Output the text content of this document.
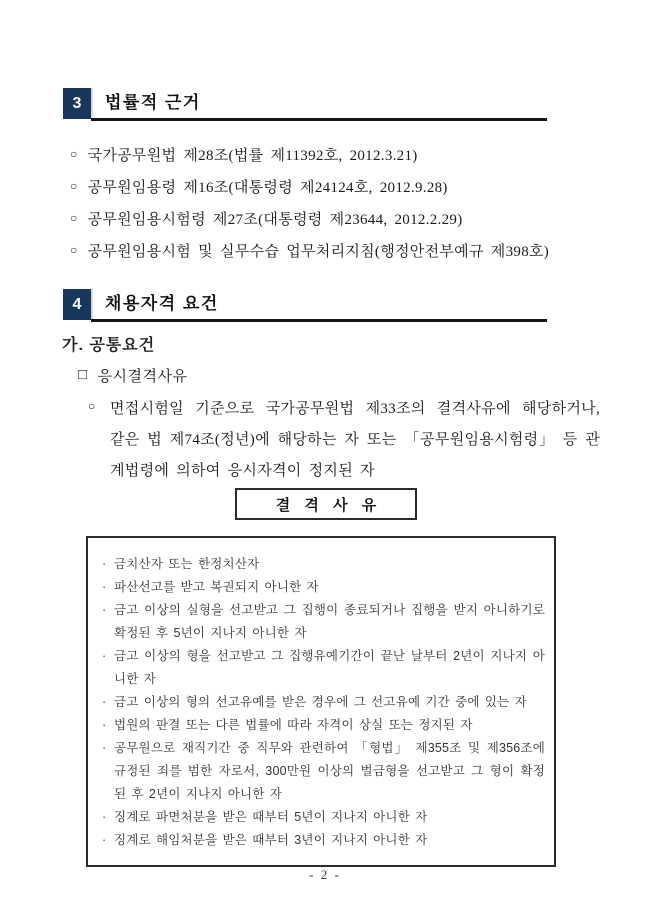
3	법률적 근거
○ 국가공무원법 제28조(법률 제11392호, 2012.3.21)
○ 공무원임용령 제16조(대통령령 제24124호, 2012.9.28)
○ 공무원임용시험령 제27조(대통령령 제23644, 2012.2.29)
○ 공무원임용시험 및 실무수습 업무처리지침(행정안전부예규 제398호)
4	채용자격 요건
가. 공통요건
□ 응시결격사유
○ 면접시험일 기준으로 국가공무원법 제33조의 결격사유에 해당하거나, 같은 법 제74조(정년)에 해당하는 자 또는 「공무원임용시험령」 등 관계법령에 의하여 응시자격이 정지된 자
결 격 사 유
· 금치산자 또는 한정치산자
· 파산선고를 받고 복권되지 아니한 자
· 금고 이상의 실형을 선고받고 그 집행이 종료되거나 집행을 받지 아니하기로 확정된 후 5년이 지나지 아니한 자
· 금고 이상의 형을 선고받고 그 집행유예기간이 끝난 날부터 2년이 지나지 아니한 자
· 금고 이상의 형의 선고유예를 받은 경우에 그 선고유예 기간 중에 있는 자
· 법원의 판결 또는 다른 법률에 따라 자격이 상실 또는 정지된 자
· 공무원으로 재직기간 중 직무와 관련하여 「형법」 제355조 및 제356조에 규정된 죄를 범한 자로서, 300만원 이상의 벌금형을 선고받고 그 형이 확정된 후 2년이 지나지 아니한 자
· 징계로 파면처분을 받은 때부터 5년이 지나지 아니한 자
· 징계로 해임처분을 받은 때부터 3년이 지나지 아니한 자
- 2 -
